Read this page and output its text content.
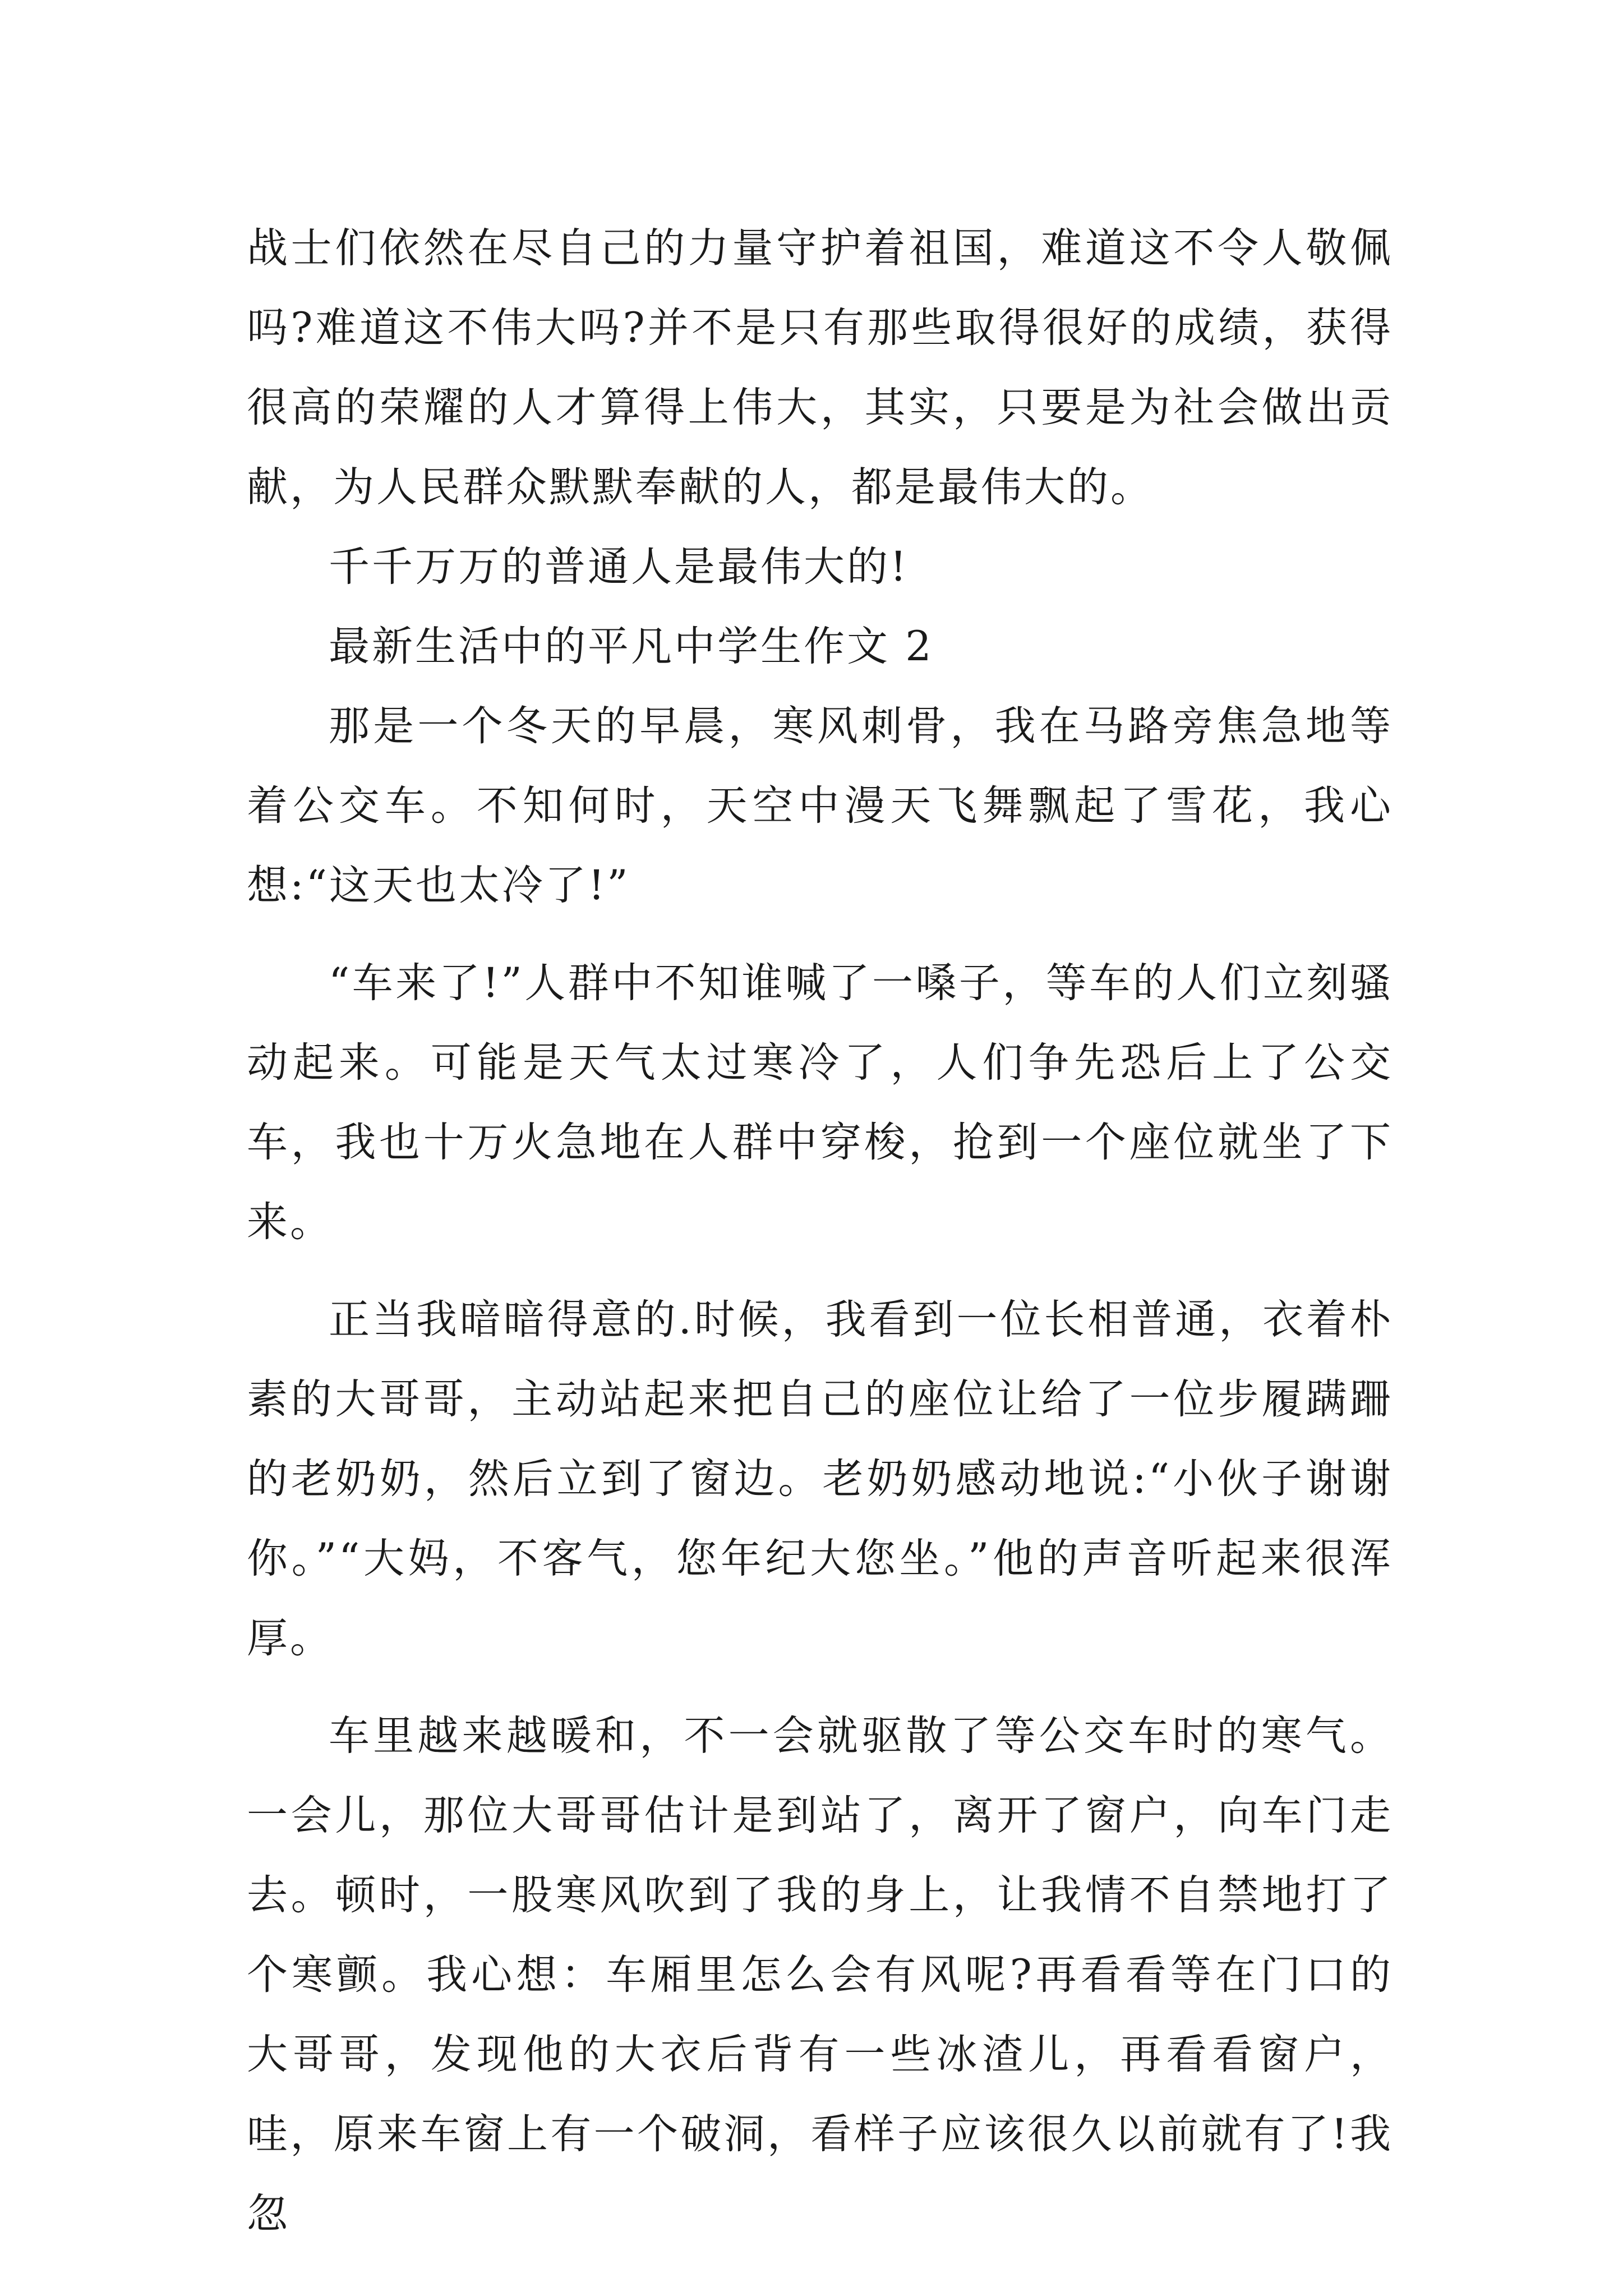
战士们依然在尽自己的力量守护着祖国，难道这不令人敬佩吗?难道这不伟大吗?并不是只有那些取得很好的成绩，获得很高的荣耀的人才算得上伟大，其实，只要是为社会做出贡献，为人民群众默默奉献的人，都是最伟大的。

千千万万的普通人是最伟大的!

最新生活中的平凡中学生作文 2

那是一个冬天的早晨，寒风刺骨，我在马路旁焦急地等着公交车。不知何时，天空中漫天飞舞飘起了雪花，我心想:“这天也太冷了!”

“车来了!”人群中不知谁喊了一嗓子，等车的人们立刻骚动起来。可能是天气太过寒冷了，人们争先恐后上了公交车，我也十万火急地在人群中穿梭，抢到一个座位就坐了下来。

正当我暗暗得意的.时候，我看到一位长相普通，衣着朴素的大哥哥，主动站起来把自己的座位让给了一位步履蹒跚的老奶奶，然后立到了窗边。老奶奶感动地说:“小伙子谢谢你。”“大妈，不客气，您年纪大您坐。”他的声音听起来很浑厚。

车里越来越暖和，不一会就驱散了等公交车时的寒气。一会儿，那位大哥哥估计是到站了，离开了窗户，向车门走去。顿时，一股寒风吹到了我的身上，让我情不自禁地打了个寒颤。我心想：车厢里怎么会有风呢?再看看等在门口的大哥哥，发现他的大衣后背有一些冰渣儿，再看看窗户，哇，原来车窗上有一个破洞，看样子应该很久以前就有了!我忽
